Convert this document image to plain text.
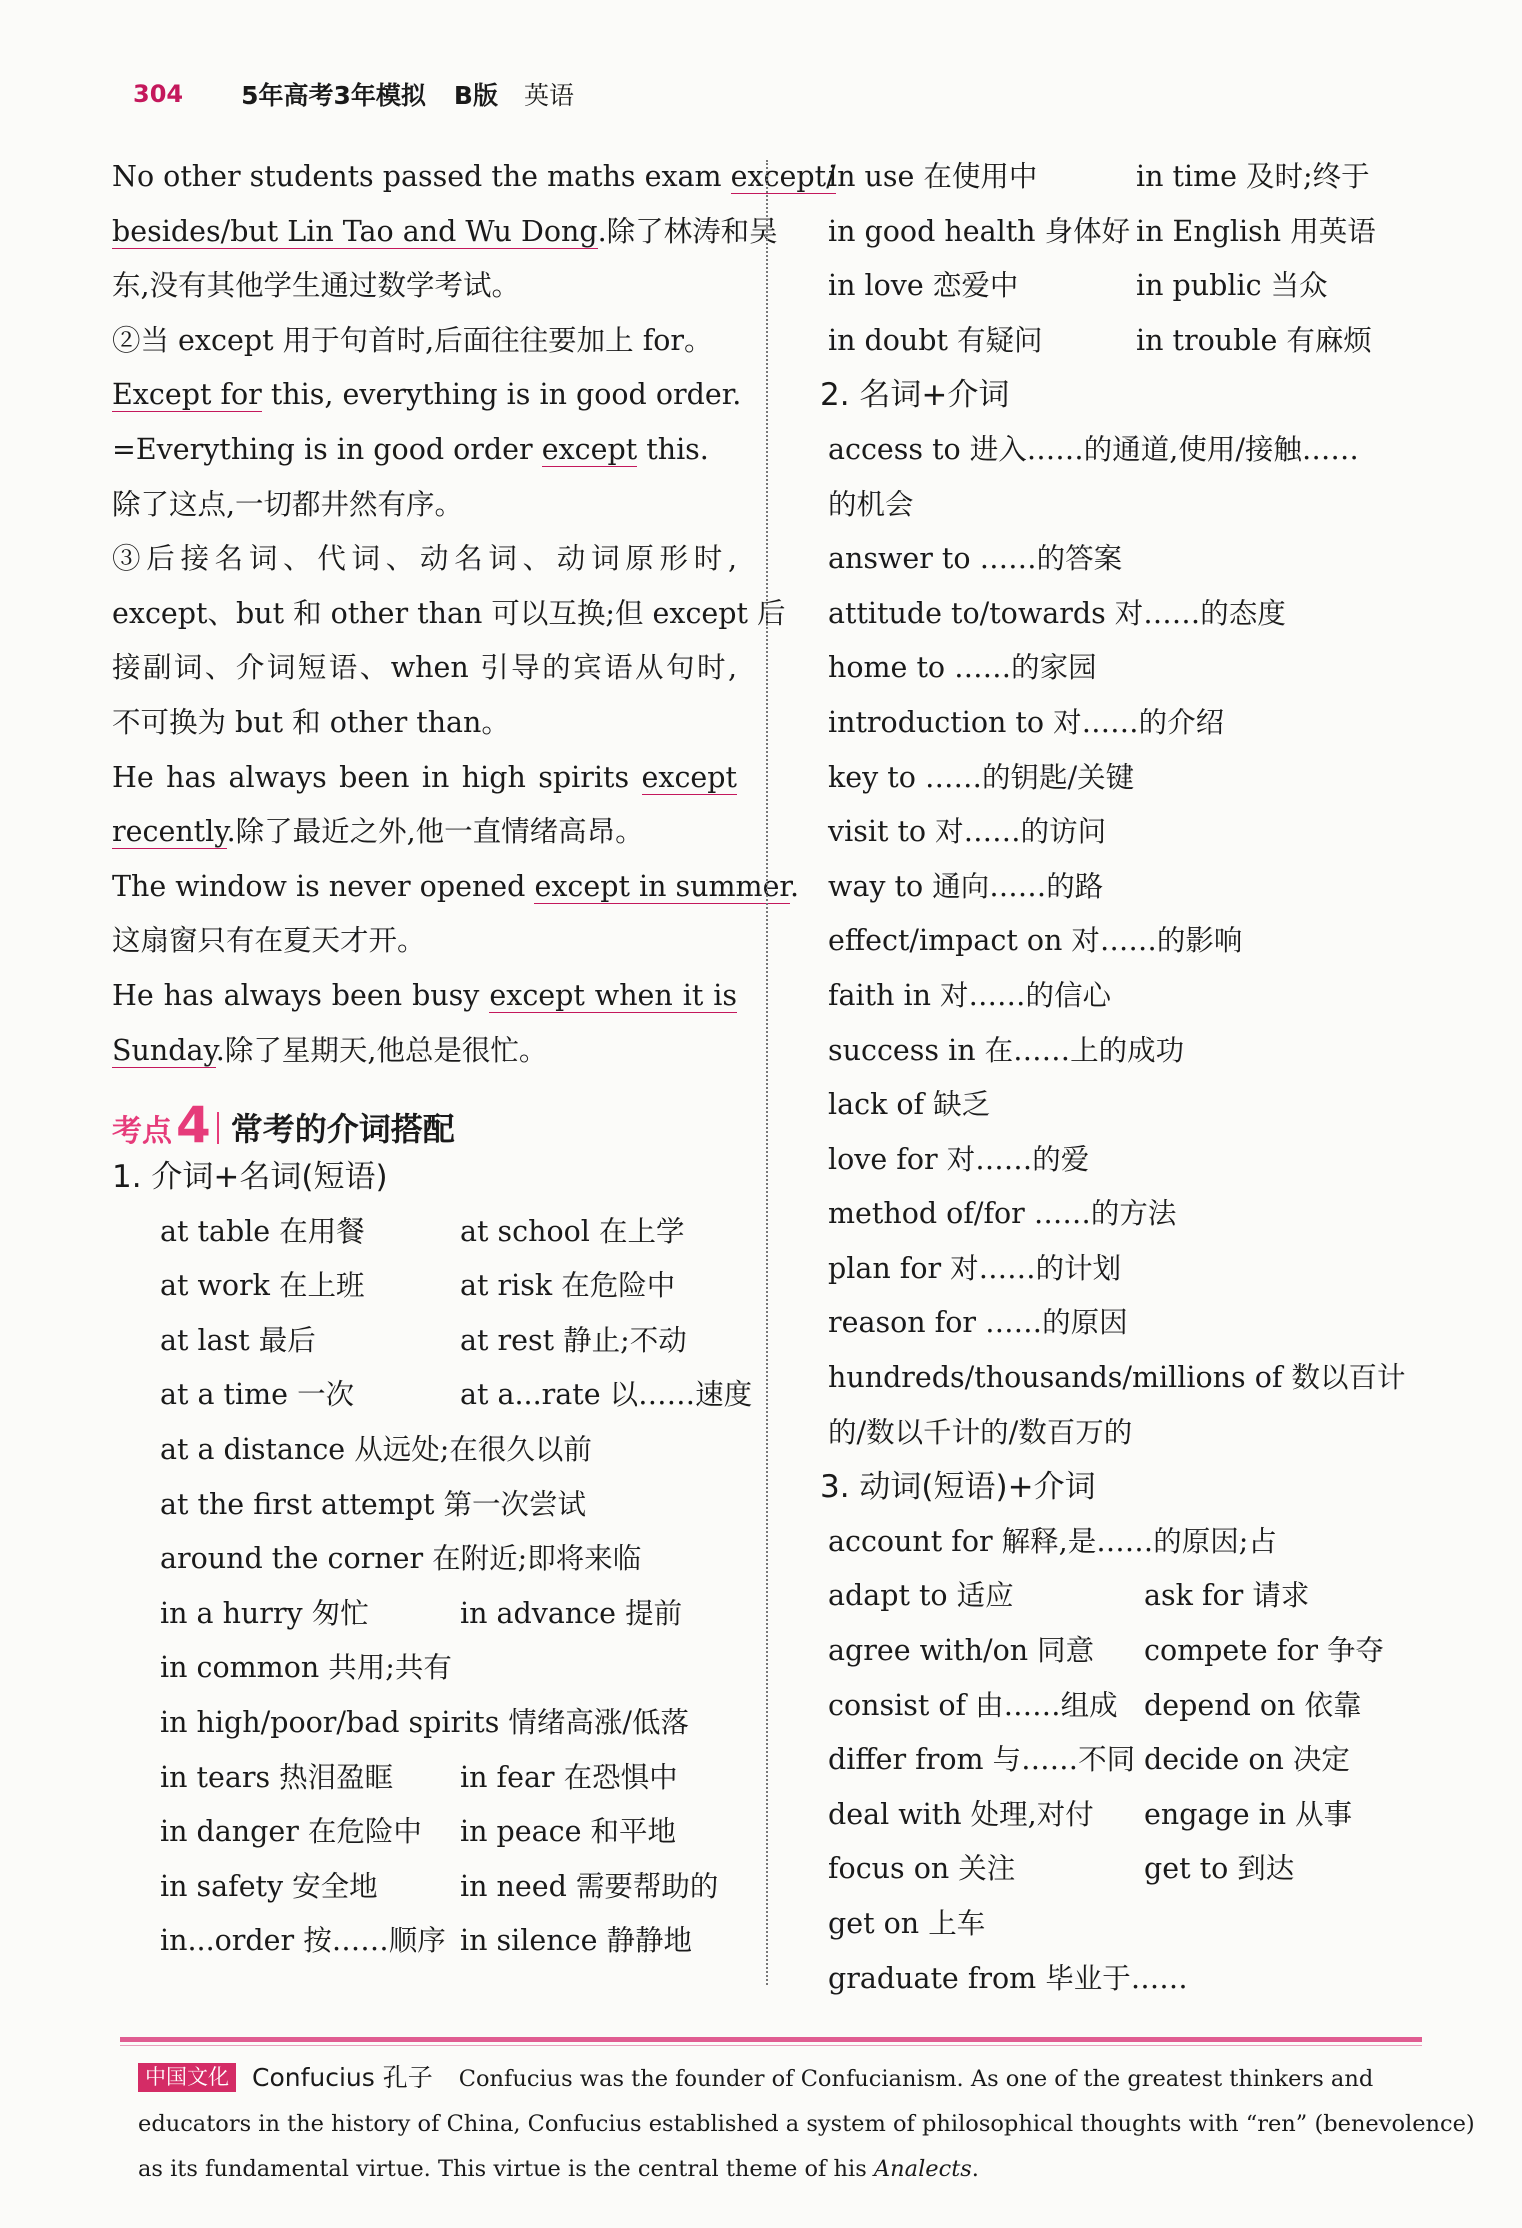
304 5年高考3年模拟 B版 英语
No other students passed the maths exam except/
besides/but Lin Tao and Wu Dong.除了林涛和吴
东,没有其他学生通过数学考试。
②当 except 用于句首时,后面往往要加上 for。
Except for this, everything is in good order.
=Everything is in good order except this.
除了这点,一切都井然有序。
③后接名词、代词、动名词、动词原形时,
except、but 和 other than 可以互换;但 except 后
接副词、介词短语、when 引导的宾语从句时,
不可换为 but 和 other than。
He has always been in high spirits except
recently.除了最近之外,他一直情绪高昂。
The window is never opened except in summer.
这扇窗只有在夏天才开。
He has always been busy except when it is
Sunday.除了星期天,他总是很忙。
考点 4 常考的介词搭配
1. 介词+名词(短语)
at table 在用餐	at school 在上学
at work 在上班	at risk 在危险中
at last 最后	at rest 静止;不动
at a time 一次	at a...rate 以……速度
at a distance 从远处;在很久以前
at the first attempt 第一次尝试
around the corner 在附近;即将来临
in a hurry 匆忙	in advance 提前
in common 共用;共有
in high/poor/bad spirits 情绪高涨/低落
in tears 热泪盈眶	in fear 在恐惧中
in danger 在危险中	in peace 和平地
in safety 安全地	in need 需要帮助的
in...order 按……顺序 in silence 静静地
in use 在使用中	in time 及时;终于
in good health 身体好 in English 用英语
in love 恋爱中	in public 当众
in doubt 有疑问	in trouble 有麻烦
2. 名词+介词
access to 进入……的通道,使用/接触……
的机会
answer to ……的答案
attitude to/towards 对……的态度
home to ……的家园
introduction to 对……的介绍
key to ……的钥匙/关键
visit to 对……的访问
way to 通向……的路
effect/impact on 对……的影响
faith in 对……的信心
success in 在……上的成功
lack of 缺乏
love for 对……的爱
method of/for ……的方法
plan for 对……的计划
reason for ……的原因
hundreds/thousands/millions of 数以百计
的/数以千计的/数百万的
3. 动词(短语)+介词
account for 解释,是……的原因;占
adapt to 适应	ask for 请求
agree with/on 同意	compete for 争夺
consist of 由……组成 depend on 依靠
differ from 与……不同 decide on 决定
deal with 处理,对付	engage in 从事
focus on 关注	get to 到达
get on 上车
graduate from 毕业于……

中国文化 Confucius 孔子 Confucius was the founder of Confucianism. As one of the greatest thinkers and

educators in the history of China, Confucius established a system of philosophical thoughts with “ren” (benevolence)

as its fundamental virtue. This virtue is the central theme of his Analects.
